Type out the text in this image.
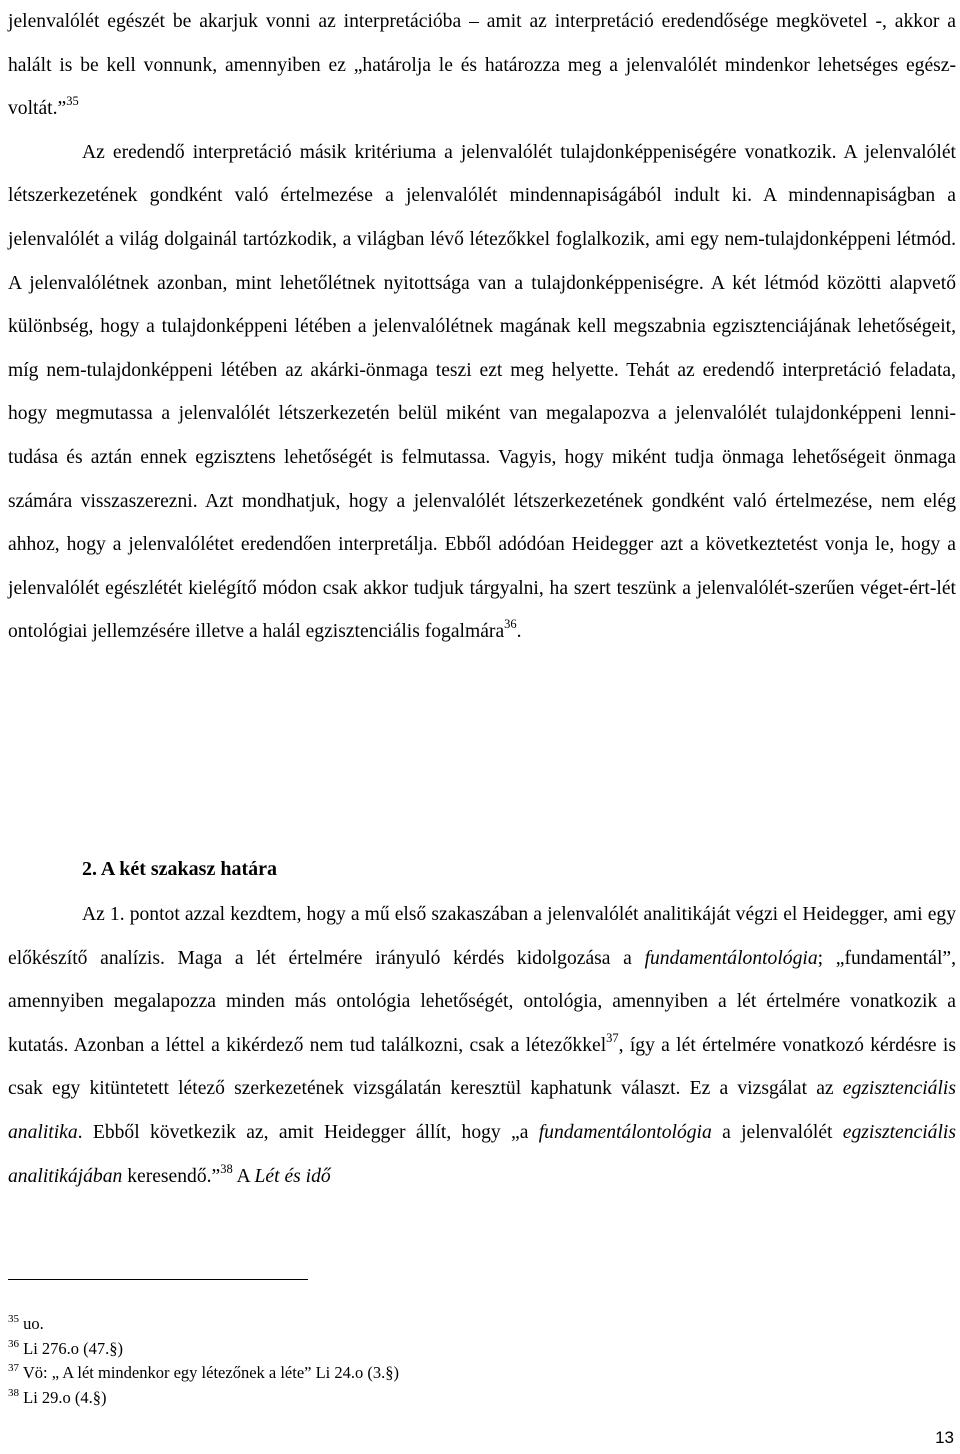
jelenvalólét egészét be akarjuk vonni az interpretációba – amit az interpretáció eredendősége megkövetel -, akkor a halált is be kell vonnunk, amennyiben ez „határolja le és határozza meg a jelenvalólét mindenkor lehetséges egész-voltát.”$^{35}$
Az eredendő interpretáció másik kritériuma a jelenvalólét tulajdonképpeniségére vonatkozik. A jelenvalólét létszerkezetének gondként való értelmezése a jelenvalólét mindennapiságából indult ki. A mindennapiságban a jelenvalólét a világ dolgainál tartózkodik, a világban lévő létezőkkel foglalkozik, ami egy nem-tulajdonképpeni létmód. A jelenvalólétnek azonban, mint lehetőlétnek nyitottsága van a tulajdonképpeniségre. A két létmód közötti alapvető különbség, hogy a tulajdonképpeni létében a jelenvalólétnek magának kell megszabnia egzisztenciájának lehetőségeit, míg nem-tulajdonképpeni létében az akárki-önmaga teszi ezt meg helyette. Tehát az eredendő interpretáció feladata, hogy megmutassa a jelenvalólét létszerkezetén belül miként van megalapozva a jelenvalólét tulajdonképpeni lenni-tudása és aztán ennek egzisztens lehetőségét is felmutassa. Vagyis, hogy miként tudja önmaga lehetőségeit önmaga számára visszaszerezni. Azt mondhatjuk, hogy a jelenvalólét létszerkezetének gondként való értelmezése, nem elég ahhoz, hogy a jelenvalólétet eredendően interpretálja. Ebből adódóan Heidegger azt a következtetést vonja le, hogy a jelenvalólét egészlétét kielégítő módon csak akkor tudjuk tárgyalni, ha szert teszünk a jelenvalólét-szerűen véget-ért-lét ontológiai jellemzésére illetve a halál egzisztenciális fogalmára$^{36}$.

2. A két szakasz határa

Az 1. pontot azzal kezdtem, hogy a mű első szakaszában a jelenvalólét analitikáját végzi el Heidegger, ami egy előkészítő analízis. Maga a lét értelmére irányuló kérdés kidolgozása a fundamentálontológia; „fundamentál”, amennyiben megalapozza minden más ontológia lehetőségét, ontológia, amennyiben a lét értelmére vonatkozik a kutatás. Azonban a léttel a kikérdező nem tud találkozni, csak a létezőkkel$^{37}$, így a lét értelmére vonatkozó kérdésre is csak egy kitüntetett létező szerkezetének vizsgálatán keresztül kaphatunk választ. Ez a vizsgálat az egzisztenciális analitika. Ebből következik az, amit Heidegger állít, hogy „a fundamentálontológia a jelenvalólét egzisztenciális analitikájában keresendő.”$^{38}$ A Lét és idő

$^{35}$ uo.
$^{36}$ Li 276.o (47.§)
$^{37}$ Vö: „ A lét mindenkor egy létezőnek a léte” Li 24.o (3.§)
$^{38}$ Li 29.o (4.§)
13
